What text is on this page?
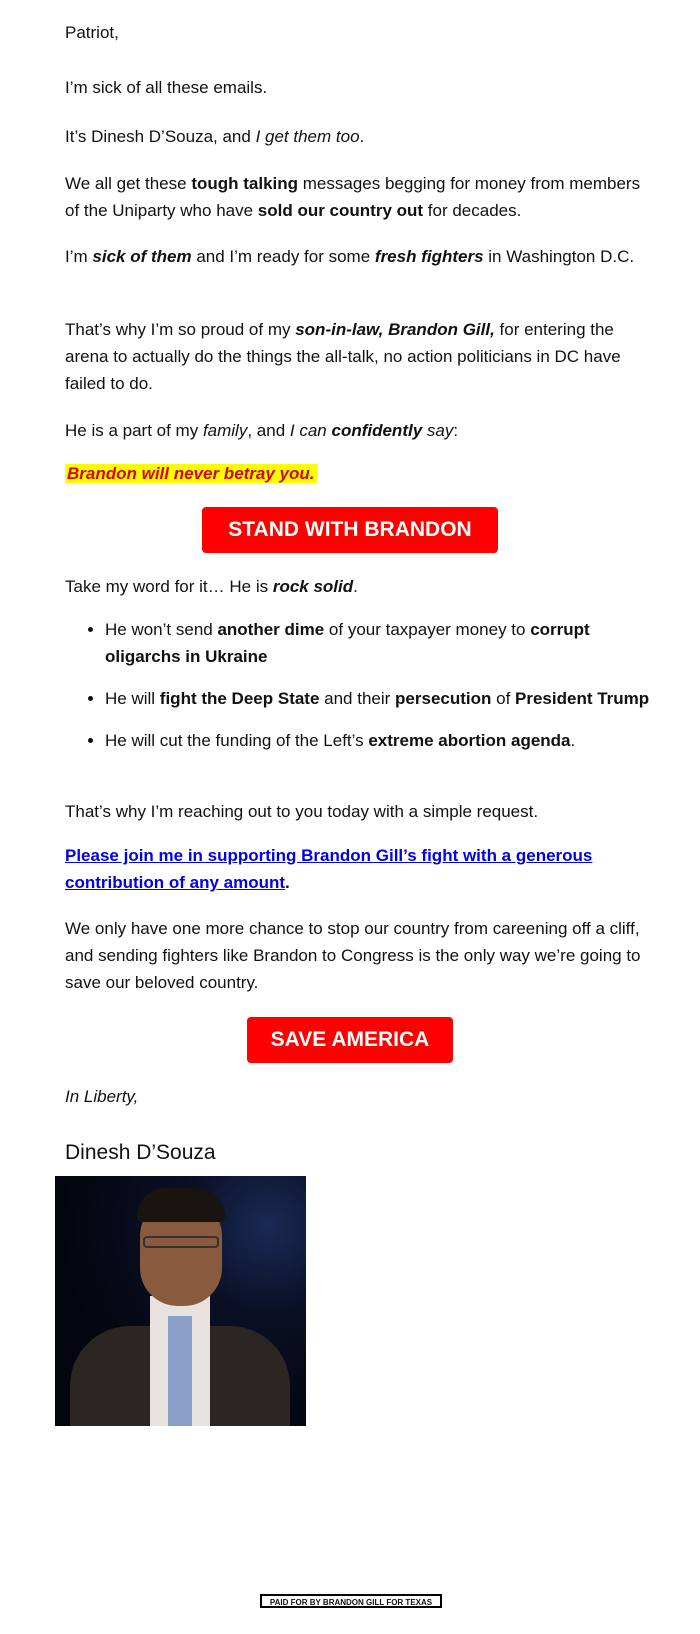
Patriot,

I’m sick of all these emails.

It’s Dinesh D’Souza, and I get them too.

We all get these tough talking messages begging for money from members of the Uniparty who have sold our country out for decades.

I’m sick of them and I’m ready for some fresh fighters in Washington D.C.

That’s why I’m so proud of my son-in-law, Brandon Gill, for entering the arena to actually do the things the all-talk, no action politicians in DC have failed to do.

He is a part of my family, and I can confidently say:

Brandon will never betray you.

STAND WITH BRANDON

Take my word for it… He is rock solid.

• He won’t send another dime of your taxpayer money to corrupt oligarchs in Ukraine
• He will fight the Deep State and their persecution of President Trump
• He will cut the funding of the Left’s extreme abortion agenda.

That’s why I’m reaching out to you today with a simple request.

Please join me in supporting Brandon Gill’s fight with a generous contribution of any amount.

We only have one more chance to stop our country from careening off a cliff, and sending fighters like Brandon to Congress is the only way we’re going to save our beloved country.

SAVE AMERICA

In Liberty,

Dinesh D’Souza

PAID FOR BY BRANDON GILL FOR TEXAS
